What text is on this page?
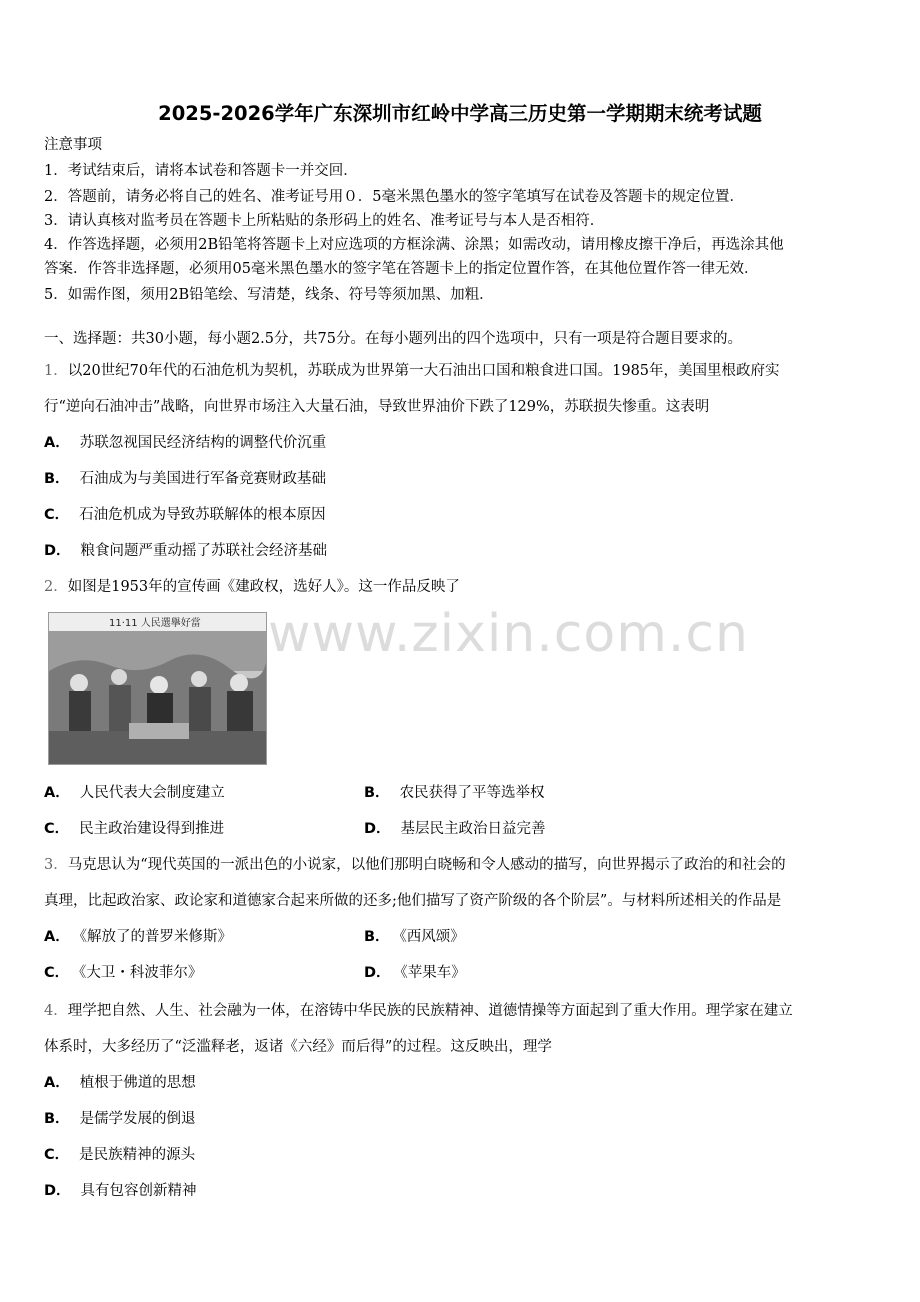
2025-2026学年广东深圳市红岭中学高三历史第一学期期末统考试题
注意事项
1．考试结束后，请将本试卷和答题卡一并交回．
2．答题前，请务必将自己的姓名、准考证号用０．5毫米黑色墨水的签字笔填写在试卷及答题卡的规定位置．
3．请认真核对监考员在答题卡上所粘贴的条形码上的姓名、准考证号与本人是否相符．
4．作答选择题，必须用2B铅笔将答题卡上对应选项的方框涂满、涂黑；如需改动，请用橡皮擦干净后，再选涂其他
答案．作答非选择题，必须用05毫米黑色墨水的签字笔在答题卡上的指定位置作答，在其他位置作答一律无效．
5．如需作图，须用2B铅笔绘、写清楚，线条、符号等须加黑、加粗．
一、选择题：共30小题，每小题2.5分，共75分。在每小题列出的四个选项中，只有一项是符合题目要求的。
1．以20世纪70年代的石油危机为契机，苏联成为世界第一大石油出口国和粮食进口国。1985年，美国里根政府实
行“逆向石油冲击”战略，向世界市场注入大量石油，导致世界油价下跌了129%，苏联损失惨重。这表明
A． 苏联忽视国民经济结构的调整代价沉重
B． 石油成为与美国进行军备竞赛财政基础
C． 石油危机成为导致苏联解体的根本原因
D． 粮食问题严重动摇了苏联社会经济基础
2．如图是1953年的宣传画《建政权，选好人》。这一作品反映了
11·11 人民選擧好當 www.zixin.com.cn
A． 人民代表大会制度建立	B． 农民获得了平等选举权
C． 民主政治建设得到推进	D． 基层民主政治日益完善
3．马克思认为“现代英国的一派出色的小说家，以他们那明白晓畅和令人感动的描写，向世界揭示了政治的和社会的
真理，比起政治家、政论家和道德家合起来所做的还多;他们描写了资产阶级的各个阶层”。与材料所述相关的作品是
A． 《解放了的普罗米修斯》	B． 《西风颂》
C． 《大卫・科波菲尔》	D． 《苹果车》
4．理学把自然、人生、社会融为一体，在溶铸中华民族的民族精神、道德情操等方面起到了重大作用。理学家在建立
体系时，大多经历了“泛滥释老，返诸《六经》而后得”的过程。这反映出，理学
A． 植根于佛道的思想
B． 是儒学发展的倒退
C． 是民族精神的源头
D． 具有包容创新精神
